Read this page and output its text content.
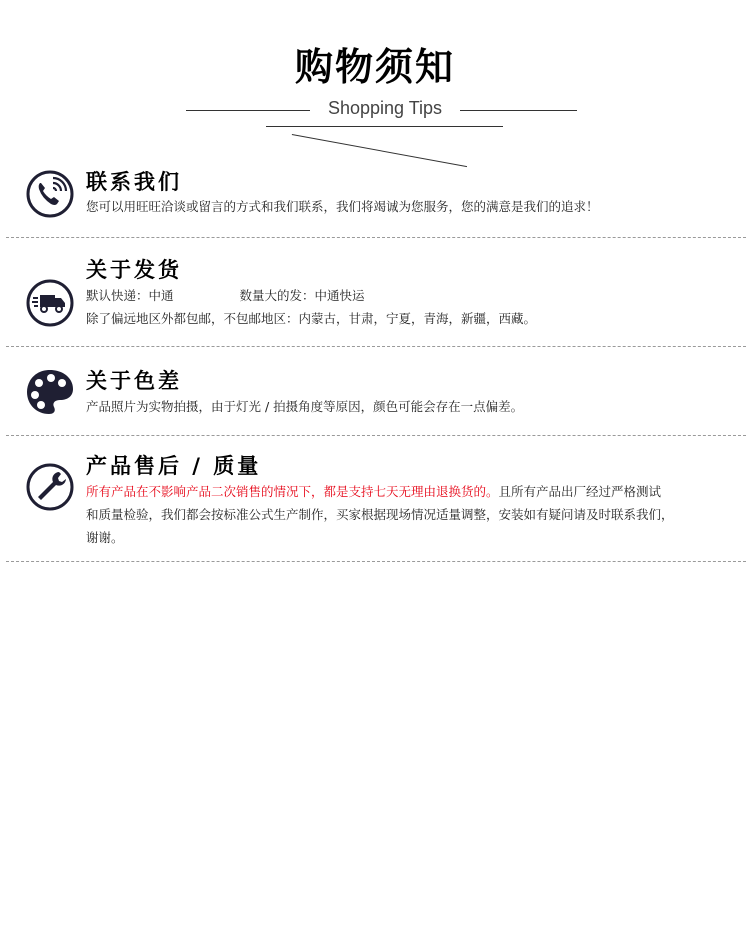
购物须知
Shopping Tips
联系我们
您可以用旺旺洽谈或留言的方式和我们联系，我们将竭诚为您服务，您的满意是我们的追求！
关于发货
默认快递：中通	数量大的发：中通快运
除了偏远地区外都包邮，不包邮地区：内蒙古，甘肃，宁夏，青海，新疆，西藏。
关于色差
产品照片为实物拍摄，由于灯光 / 拍摄角度等原因，颜色可能会存在一点偏差。
产品售后 / 质量
所有产品在不影响产品二次销售的情况下，都是支持七天无理由退换货的。且所有产品出厂经过严格测试
和质量检验，我们都会按标准公式生产制作，买家根据现场情况适量调整，安装如有疑问请及时联系我们，
谢谢。
